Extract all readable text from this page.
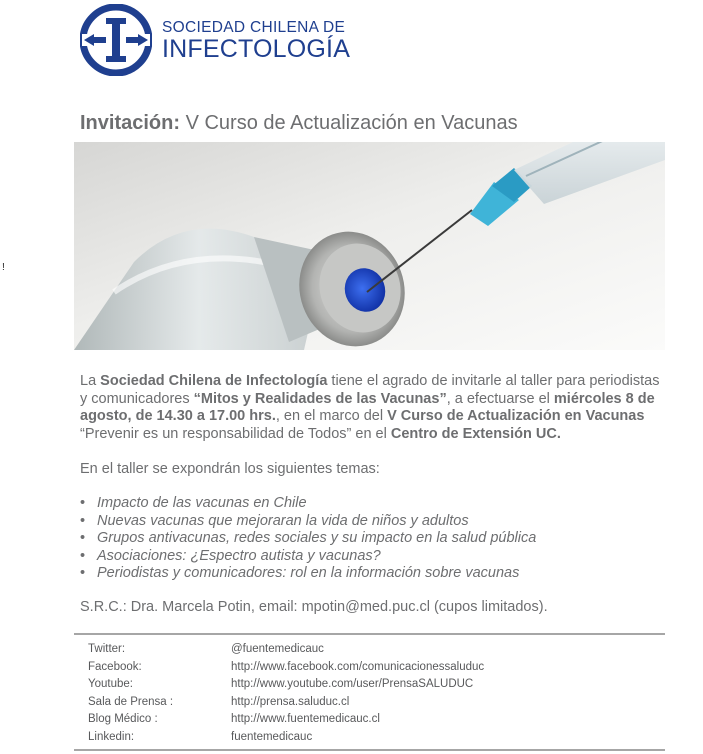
!
SOCIEDAD CHILENA DE
INFECTOLOGÍA
Invitación: V Curso de Actualización en Vacunas
La Sociedad Chilena de Infectología tiene el agrado de invitarle al taller para periodistas y comunicadores “Mitos y Realidades de las Vacunas”, a efectuarse el miércoles 8 de agosto, de 14.30 a 17.00 hrs., en el marco del V Curso de Actualización en Vacunas “Prevenir es un responsabilidad de Todos” en el Centro de Extensión UC.
En el taller se expondrán los siguientes temas:
• Impacto de las vacunas en Chile
• Nuevas vacunas que mejoraran la vida de niños y adultos
• Grupos antivacunas, redes sociales y su impacto en la salud pública
• Asociaciones: ¿Espectro autista y vacunas?
• Periodistas y comunicadores: rol en la información sobre vacunas
S.R.C.: Dra. Marcela Potin, email: mpotin@med.puc.cl (cupos limitados).
Twitter:	@fuentemedicauc
Facebook:	http://www.facebook.com/comunicacionessaluduc
Youtube:	http://www.youtube.com/user/PrensaSALUDUC
Sala de Prensa :	http://prensa.saluduc.cl
Blog Médico :	http://www.fuentemedicauc.cl
Linkedin:	fuentemedicauc
